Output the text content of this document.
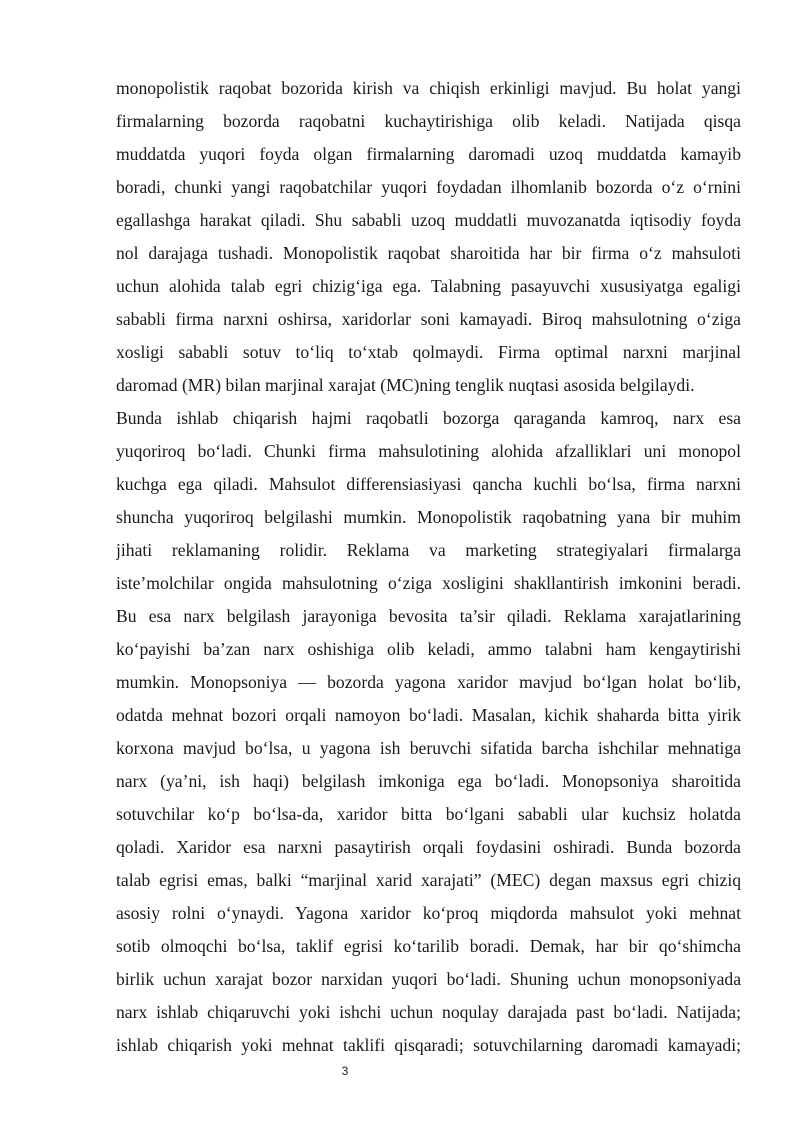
monopolistik raqobat bozorida kirish va chiqish erkinligi mavjud. Bu holat yangi
firmalarning bozorda raqobatni kuchaytirishiga olib keladi. Natijada qisqa
muddatda yuqori foyda olgan firmalarning daromadi uzoq muddatda kamayib
boradi, chunki yangi raqobatchilar yuqori foydadan ilhomlanib bozorda o‘z o‘rnini
egallashga harakat qiladi. Shu sababli uzoq muddatli muvozanatda iqtisodiy foyda
nol darajaga tushadi. Monopolistik raqobat sharoitida har bir firma o‘z mahsuloti
uchun alohida talab egri chizig‘iga ega. Talabning pasayuvchi xususiyatga egaligi
sababli firma narxni oshirsa, xaridorlar soni kamayadi. Biroq mahsulotning o‘ziga
xosligi sababli sotuv to‘liq to‘xtab qolmaydi. Firma optimal narxni marjinal
daromad (MR) bilan marjinal xarajat (MC)ning tenglik nuqtasi asosida belgilaydi.
Bunda ishlab chiqarish hajmi raqobatli bozorga qaraganda kamroq, narx esa
yuqoriroq bo‘ladi. Chunki firma mahsulotining alohida afzalliklari uni monopol
kuchga ega qiladi. Mahsulot differensiasiyasi qancha kuchli bo‘lsa, firma narxni
shuncha yuqoriroq belgilashi mumkin. Monopolistik raqobatning yana bir muhim
jihati reklamaning rolidir. Reklama va marketing strategiyalari firmalarga
iste’molchilar ongida mahsulotning o‘ziga xosligini shakllantirish imkonini beradi.
Bu esa narx belgilash jarayoniga bevosita ta’sir qiladi. Reklama xarajatlarining
ko‘payishi ba’zan narx oshishiga olib keladi, ammo talabni ham kengaytirishi
mumkin. Monopsoniya — bozorda yagona xaridor mavjud bo‘lgan holat bo‘lib,
odatda mehnat bozori orqali namoyon bo‘ladi. Masalan, kichik shaharda bitta yirik
korxona mavjud bo‘lsa, u yagona ish beruvchi sifatida barcha ishchilar mehnatiga
narx (ya’ni, ish haqi) belgilash imkoniga ega bo‘ladi. Monopsoniya sharoitida
sotuvchilar ko‘p bo‘lsa-da, xaridor bitta bo‘lgani sababli ular kuchsiz holatda
qoladi. Xaridor esa narxni pasaytirish orqali foydasini oshiradi. Bunda bozorda
talab egrisi emas, balki “marjinal xarid xarajati” (MEC) degan maxsus egri chiziq
asosiy rolni o‘ynaydi. Yagona xaridor ko‘proq miqdorda mahsulot yoki mehnat
sotib olmoqchi bo‘lsa, taklif egrisi ko‘tarilib boradi. Demak, har bir qo‘shimcha
birlik uchun xarajat bozor narxidan yuqori bo‘ladi. Shuning uchun monopsoniyada
narx ishlab chiqaruvchi yoki ishchi uchun noqulay darajada past bo‘ladi. Natijada;
ishlab chiqarish yoki mehnat taklifi qisqaradi; sotuvchilarning daromadi kamayadi;
3
